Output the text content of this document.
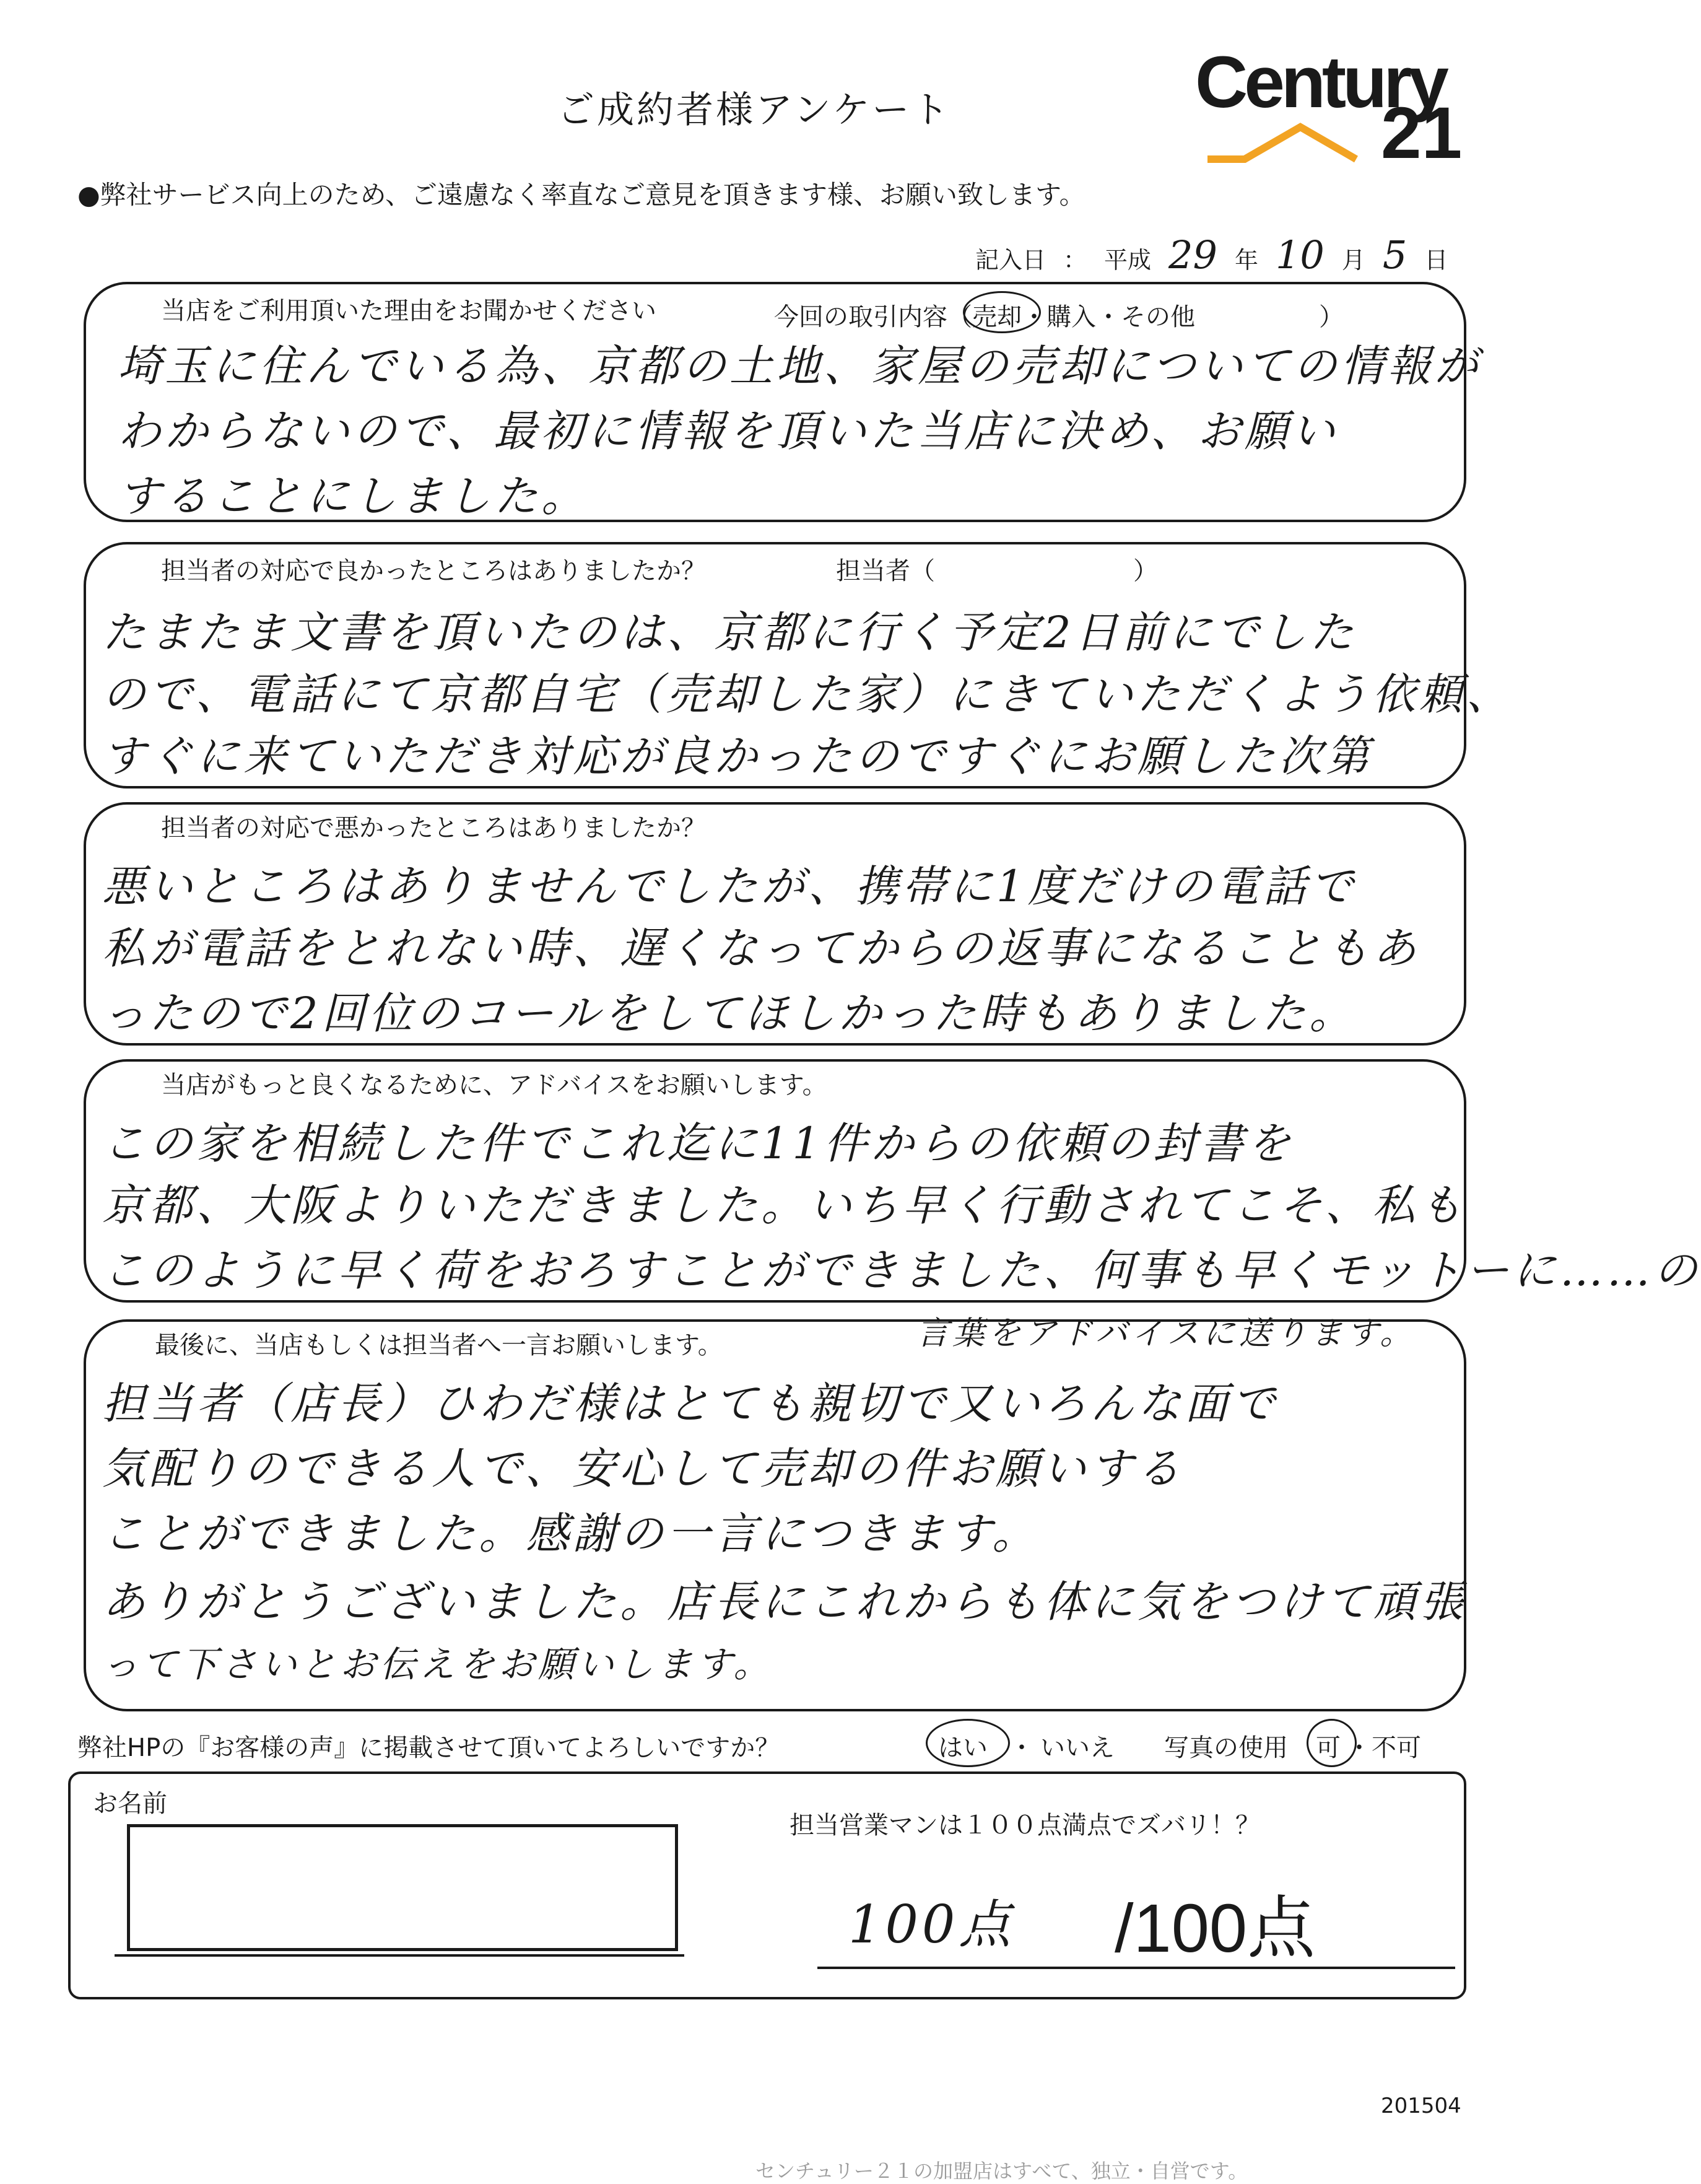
ご成約者様アンケート	Century
21
●弊社サービス向上のため、ご遠慮なく率直なご意見を頂きます様、お願い致します。
記入日 ： 平成 29 年 10 月 5 日
当店をご利用頂いた理由をお聞かせください	今回の取引内容（売却・購入・その他　　　　　）
埼玉に住んでいる為、京都の土地、家屋の売却についての情報が
わからないので、最初に情報を頂いた当店に決め、お願い
することにしました。
担当者の対応で良かったところはありましたか？	担当者（　　　　　　　　）
たまたま文書を頂いたのは、京都に行く予定2日前にでした
ので、電話にて京都自宅（売却した家）にきていただくよう依頼、
すぐに来ていただき対応が良かったのですぐにお願した次第
担当者の対応で悪かったところはありましたか？
悪いところはありませんでしたが、携帯に1度だけの電話で
私が電話をとれない時、遅くなってからの返事になることもあ
ったので2回位のコールをしてほしかった時もありました。
当店がもっと良くなるために、アドバイスをお願いします。
この家を相続した件でこれ迄に11件からの依頼の封書を
京都、大阪よりいただきました。いち早く行動されてこそ、私も
このように早く荷をおろすことができました、何事も早くモットーに……の
最後に、当店もしくは担当者へ一言お願いします。	言葉をアドバイスに送ります。
担当者（店長）ひわだ様はとても親切で又いろんな面で
気配りのできる人で、安心して売却の件お願いする
ことができました。感謝の一言につきます。
ありがとうございました。店長にこれからも体に気をつけて頑張
って下さいとお伝えをお願いします。
弊社HPの『お客様の声』に掲載させて頂いてよろしいですか？	はい ・ いいえ 写真の使用 可 ・ 不可
お名前
担当営業マンは１００点満点でズバリ！？
100点 /100点
201504
センチュリー２１の加盟店はすべて、独立・自営です。
